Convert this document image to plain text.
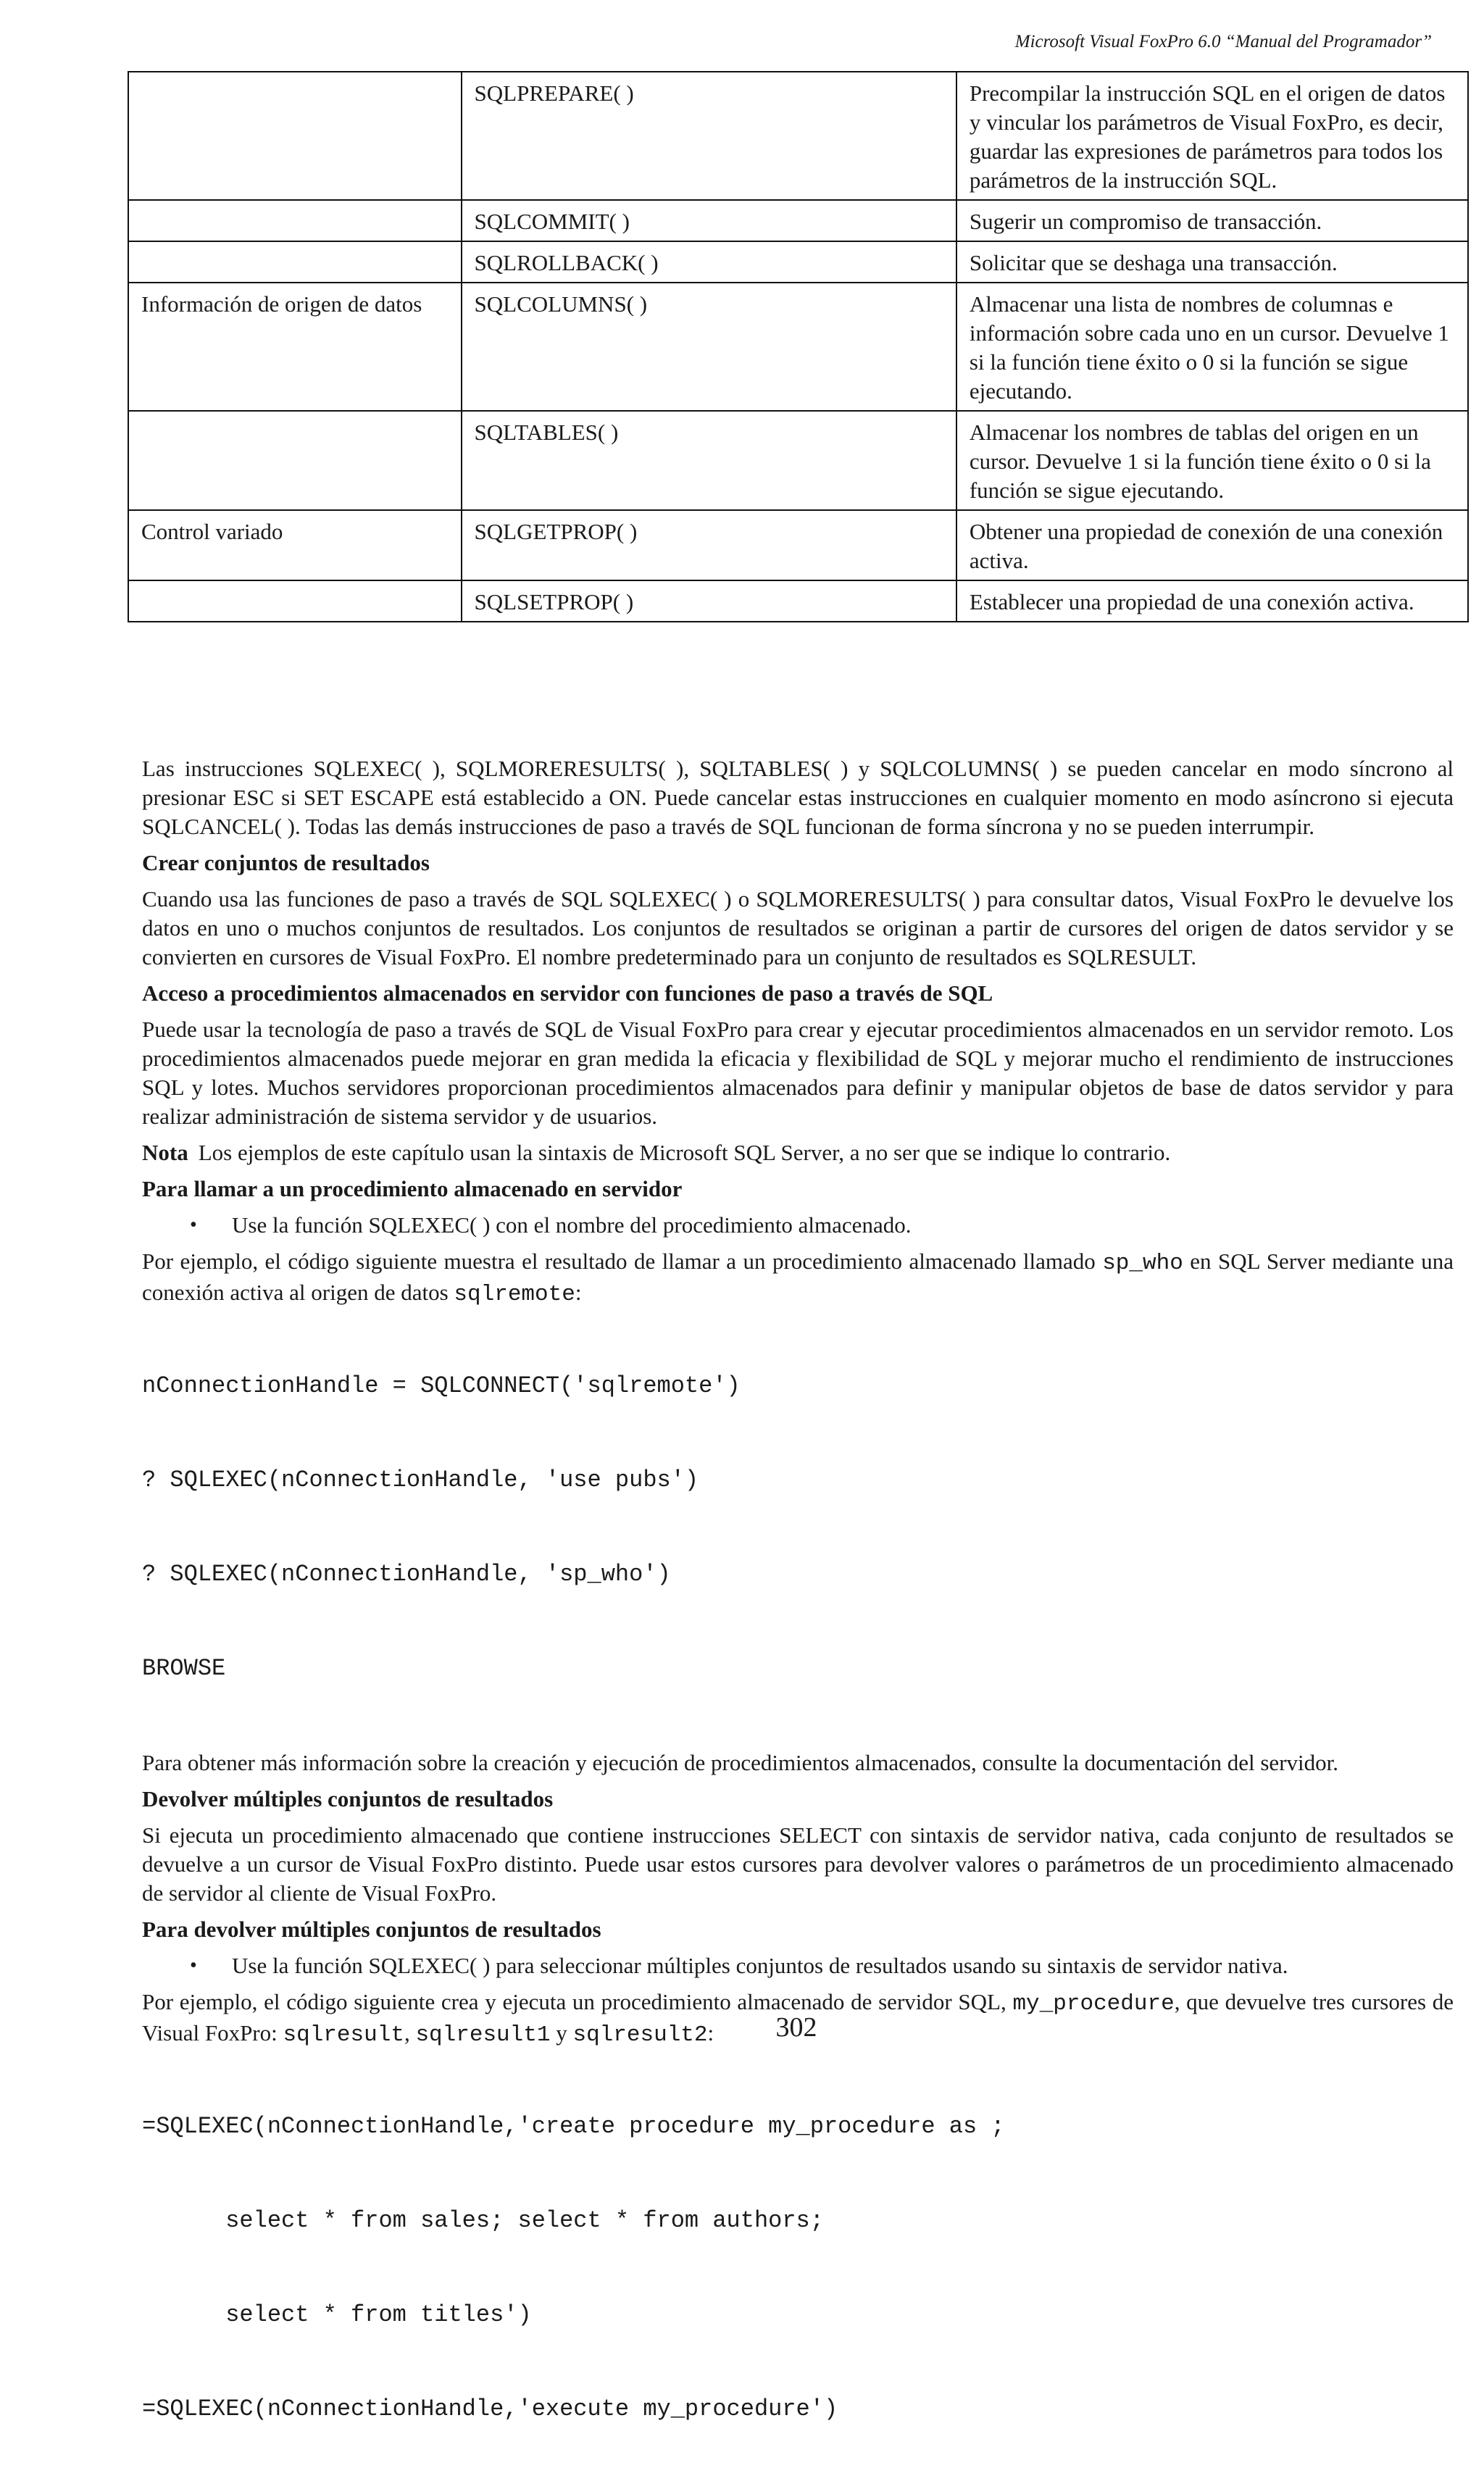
Microsoft Visual FoxPro 6.0 “Manual del Programador”
	SQLPREPARE( )	Precompilar la instrucción SQL en el origen de datos y vincular los parámetros de Visual FoxPro, es decir, guardar las expresiones de parámetros para todos los parámetros de la instrucción SQL.
	SQLCOMMIT( )	Sugerir un compromiso de transacción.
	SQLROLLBACK( )	Solicitar que se deshaga una transacción.
Información de origen de datos	SQLCOLUMNS( )	Almacenar una lista de nombres de columnas e información sobre cada uno en un cursor. Devuelve 1 si la función tiene éxito o 0 si la función se sigue ejecutando.
	SQLTABLES( )	Almacenar los nombres de tablas del origen en un cursor. Devuelve 1 si la función tiene éxito o 0 si la función se sigue ejecutando.
Control variado	SQLGETPROP( )	Obtener una propiedad de conexión de una conexión activa.
	SQLSETPROP( )	Establecer una propiedad de una conexión activa.

Las instrucciones SQLEXEC( ), SQLMORERESULTS( ), SQLTABLES( ) y SQLCOLUMNS( ) se pueden cancelar en modo síncrono al presionar ESC si SET ESCAPE está establecido a ON. Puede cancelar estas instrucciones en cualquier momento en modo asíncrono si ejecuta SQLCANCEL( ). Todas las demás instrucciones de paso a través de SQL funcionan de forma síncrona y no se pueden interrumpir.

Crear conjuntos de resultados

Cuando usa las funciones de paso a través de SQL SQLEXEC( ) o SQLMORERESULTS( ) para consultar datos, Visual FoxPro le devuelve los datos en uno o muchos conjuntos de resultados. Los conjuntos de resultados se originan a partir de cursores del origen de datos servidor y se convierten en cursores de Visual FoxPro. El nombre predeterminado para un conjunto de resultados es SQLRESULT.

Acceso a procedimientos almacenados en servidor con funciones de paso a través de SQL

Puede usar la tecnología de paso a través de SQL de Visual FoxPro para crear y ejecutar procedimientos almacenados en un servidor remoto. Los procedimientos almacenados puede mejorar en gran medida la eficacia y flexibilidad de SQL y mejorar mucho el rendimiento de instrucciones SQL y lotes. Muchos servidores proporcionan procedimientos almacenados para definir y manipular objetos de base de datos servidor y para realizar administración de sistema servidor y de usuarios.

Nota Los ejemplos de este capítulo usan la sintaxis de Microsoft SQL Server, a no ser que se indique lo contrario.

Para llamar a un procedimiento almacenado en servidor
•	Use la función SQLEXEC( ) con el nombre del procedimiento almacenado.

Por ejemplo, el código siguiente muestra el resultado de llamar a un procedimiento almacenado llamado sp_who en SQL Server mediante una conexión activa al origen de datos sqlremote:

nConnectionHandle = SQLCONNECT('sqlremote')

? SQLEXEC(nConnectionHandle, 'use pubs')

? SQLEXEC(nConnectionHandle, 'sp_who')

BROWSE

Para obtener más información sobre la creación y ejecución de procedimientos almacenados, consulte la documentación del servidor.

Devolver múltiples conjuntos de resultados

Si ejecuta un procedimiento almacenado que contiene instrucciones SELECT con sintaxis de servidor nativa, cada conjunto de resultados se devuelve a un cursor de Visual FoxPro distinto. Puede usar estos cursores para devolver valores o parámetros de un procedimiento almacenado de servidor al cliente de Visual FoxPro.

Para devolver múltiples conjuntos de resultados
•	Use la función SQLEXEC( ) para seleccionar múltiples conjuntos de resultados usando su sintaxis de servidor nativa.

Por ejemplo, el código siguiente crea y ejecuta un procedimiento almacenado de servidor SQL, my_procedure, que devuelve tres cursores de Visual FoxPro: sqlresult, sqlresult1 y sqlresult2:

=SQLEXEC(nConnectionHandle,'create procedure my_procedure as ;

select * from sales; select * from authors;

select * from titles')

=SQLEXEC(nConnectionHandle,'execute my_procedure')

302
